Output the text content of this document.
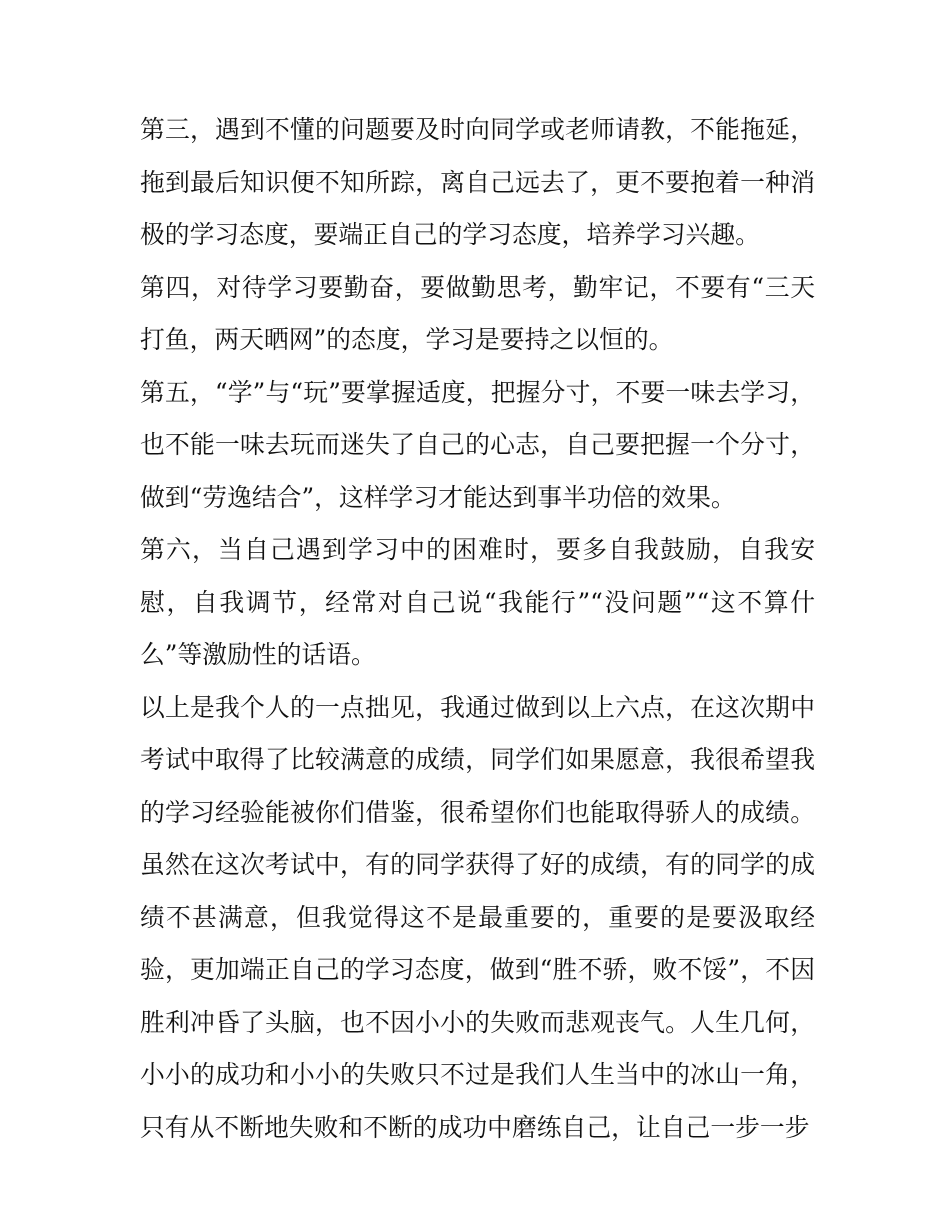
第三，遇到不懂的问题要及时向同学或老师请教，不能拖延，拖到最后知识便不知所踪，离自己远去了，更不要抱着一种消极的学习态度，要端正自己的学习态度，培养学习兴趣。

第四，对待学习要勤奋，要做勤思考，勤牢记，不要有“三天打鱼，两天晒网”的态度，学习是要持之以恒的。

第五，“学”与“玩”要掌握适度，把握分寸，不要一味去学习，也不能一味去玩而迷失了自己的心志，自己要把握一个分寸，做到“劳逸结合”，这样学习才能达到事半功倍的效果。

第六，当自己遇到学习中的困难时，要多自我鼓励，自我安慰，自我调节，经常对自己说“我能行”“没问题”“这不算什么”等激励性的话语。

以上是我个人的一点拙见，我通过做到以上六点，在这次期中考试中取得了比较满意的成绩，同学们如果愿意，我很希望我的学习经验能被你们借鉴，很希望你们也能取得骄人的成绩。虽然在这次考试中，有的同学获得了好的成绩，有的同学的成绩不甚满意，但我觉得这不是最重要的，重要的是要汲取经验，更加端正自己的学习态度，做到“胜不骄，败不馁”，不因胜利冲昏了头脑，也不因小小的失败而悲观丧气。人生几何，小小的成功和小小的失败只不过是我们人生当中的冰山一角，只有从不断地失败和不断的成功中磨练自己，让自己一步一步
